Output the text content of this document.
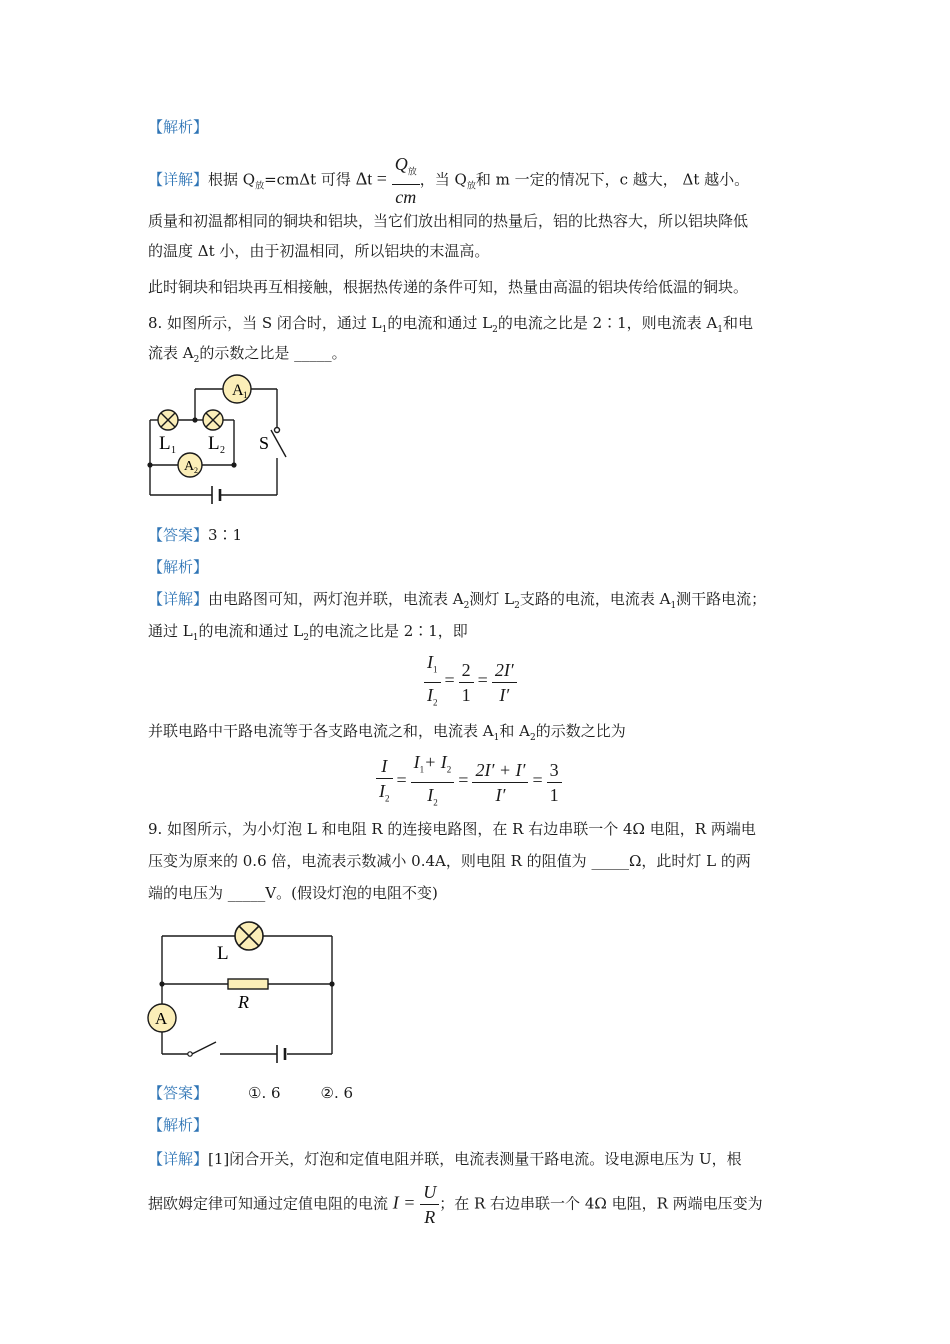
【解析】
【详解】根据 $Q_放=cm\Delta t$ 可得 $\Delta t = \frac{Q_放}{cm}$ ，当 $Q_放$和 m 一定的情况下，c 越大， Δt 越小。
质量和初温都相同的铜块和铝块，当它们放出相同的热量后，铝的比热容大，所以铝块降低
的温度 Δt 小，由于初温相同，所以铝块的末温高。
此时铜块和铝块再互相接触，根据热传递的条件可知，热量由高温的铝块传给低温的铜块。
8. 如图所示，当 S 闭合时，通过 $L_1$的电流和通过 $L_2$的电流之比是 2∶1，则电流表 $A_1$和电
流表 $A_2$的示数之比是 _____。
A 1
L 1 L 2
A 2
S
【答案】3∶1
【解析】
【详解】由电路图可知，两灯泡并联，电流表 $A_2$测灯 $L_2$支路的电流，电流表 $A_1$测干路电流；
通过 $L_1$的电流和通过 $L_2$的电流之比是 2∶1，即
$\frac{I_1}{I_2} = \frac{2}{1} = \frac{2I'}{I'}$
并联电路中干路电流等于各支路电流之和，电流表 $A_1$和 $A_2$的示数之比为
$\frac{I}{I_2} = \frac{I_1+ I_2}{I_2} = \frac{2I' + I'}{I'} = \frac{3}{1}$
9. 如图所示，为小灯泡 L 和电阻 R 的连接电路图，在 R 右边串联一个 4Ω 电阻，R 两端电
压变为原来的 0.6 倍，电流表示数减小 0.4A，则电阻 R 的阻值为 _____Ω，此时灯 L 的两
端的电压为 _____V。(假设灯泡的电阻不变)
L
R
A
【答案】	①. 6	②. 6
【解析】
【详解】[1]闭合开关，灯泡和定值电阻并联，电流表测量干路电流。设电源电压为 U，根
据欧姆定律可知通过定值电阻的电流 $I = \frac{U}{R}$ ；在 R 右边串联一个 4Ω 电阻，R 两端电压变为
